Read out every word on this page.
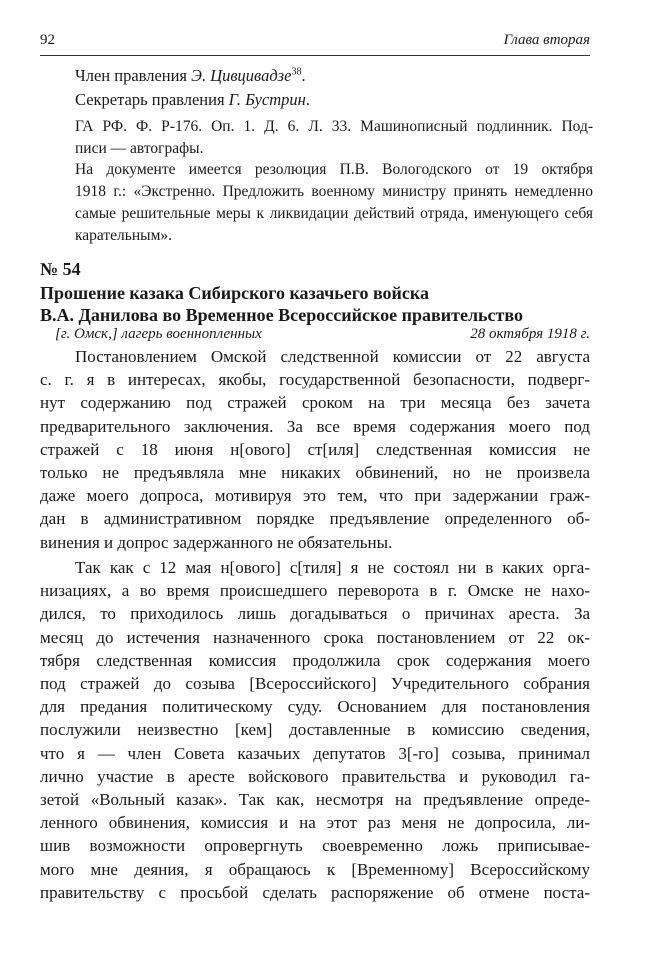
92	Глава вторая
Член правления Э. Цивцивадзе$^{38}$.
Секретарь правления Г. Бустрин.
ГА РФ. Ф. Р-176. Оп. 1. Д. 6. Л. 33. Машинописный подлинник. Под-
писи — автографы.
На документе имеется резолюция П.В. Вологодского от 19 октября
1918 г.: «Экстренно. Предложить военному министру принять немедленно
самые решительные меры к ликвидации действий отряда, именующего себя
карательным».
№ 54
Прошение казака Сибирского казачьего войска
В.А. Данилова во Временное Всероссийское правительство
[г. Омск,] лагерь военнопленных	28 октября 1918 г.
Постановлением Омской следственной комиссии от 22 августа
с. г. я в интересах, якобы, государственной безопасности, подверг-
нут содержанию под стражей сроком на три месяца без зачета
предварительного заключения. За все время содержания моего под
стражей с 18 июня н[ового] ст[иля] следственная комиссия не
только не предъявляла мне никаких обвинений, но не произвела
даже моего допроса, мотивируя это тем, что при задержании граж-
дан в административном порядке предъявление определенного об-
винения и допрос задержанного не обязательны.
Так как с 12 мая н[ового] с[тиля] я не состоял ни в каких орга-
низациях, а во время происшедшего переворота в г. Омске не нахо-
дился, то приходилось лишь догадываться о причинах ареста. За
месяц до истечения назначенного срока постановлением от 22 ок-
тября следственная комиссия продолжила срок содержания моего
под стражей до созыва [Всероссийского] Учредительного собрания
для предания политическому суду. Основанием для постановления
послужили неизвестно [кем] доставленные в комиссию сведения,
что я — член Совета казачьих депутатов 3[-го] созыва, принимал
лично участие в аресте войскового правительства и руководил га-
зетой «Вольный казак». Так как, несмотря на предъявление опреде-
ленного обвинения, комиссия и на этот раз меня не допросила, ли-
шив возможности опровергнуть своевременно ложь приписывае-
мого мне деяния, я обращаюсь к [Временному] Всероссийскому
правительству с просьбой сделать распоряжение об отмене поста-
